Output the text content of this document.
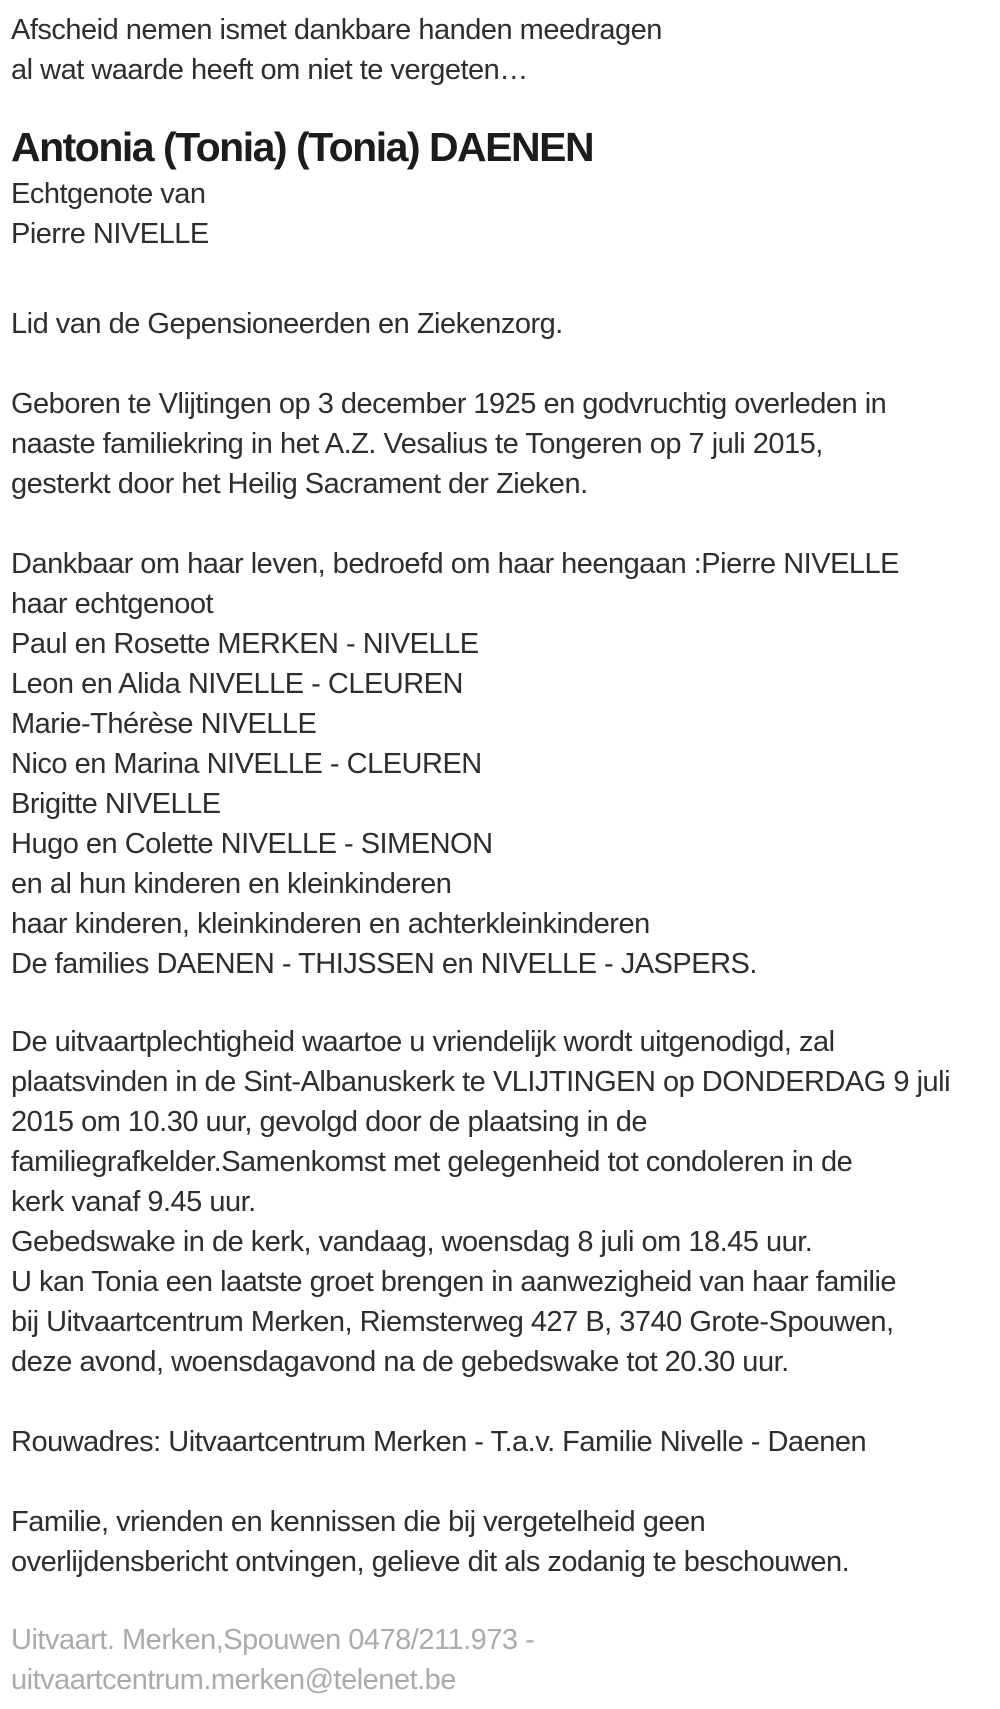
Afscheid nemen ismet dankbare handen meedragen
al wat waarde heeft om niet te vergeten…
Antonia (Tonia) (Tonia) DAENEN
Echtgenote van
Pierre NIVELLE
Lid van de Gepensioneerden en Ziekenzorg.
Geboren te Vlijtingen op 3 december 1925 en godvruchtig overleden in
naaste familiekring in het A.Z. Vesalius te Tongeren op 7 juli 2015,
gesterkt door het Heilig Sacrament der Zieken.
Dankbaar om haar leven, bedroefd om haar heengaan :Pierre NIVELLE
haar echtgenoot
Paul en Rosette MERKEN - NIVELLE
Leon en Alida NIVELLE - CLEUREN
Marie-Thérèse NIVELLE
Nico en Marina NIVELLE - CLEUREN
Brigitte NIVELLE
Hugo en Colette NIVELLE - SIMENON
en al hun kinderen en kleinkinderen
haar kinderen, kleinkinderen en achterkleinkinderen
De families DAENEN - THIJSSEN en NIVELLE - JASPERS.
De uitvaartplechtigheid waartoe u vriendelijk wordt uitgenodigd, zal
plaatsvinden in de Sint-Albanuskerk te VLIJTINGEN op DONDERDAG 9 juli
2015 om 10.30 uur, gevolgd door de plaatsing in de
familiegrafkelder.Samenkomst met gelegenheid tot condoleren in de
kerk vanaf 9.45 uur.
Gebedswake in de kerk, vandaag, woensdag 8 juli om 18.45 uur.
U kan Tonia een laatste groet brengen in aanwezigheid van haar familie
bij Uitvaartcentrum Merken, Riemsterweg 427 B, 3740 Grote-Spouwen,
deze avond, woensdagavond na de gebedswake tot 20.30 uur.
Rouwadres: Uitvaartcentrum Merken - T.a.v. Familie Nivelle - Daenen
Familie, vrienden en kennissen die bij vergetelheid geen
overlijdensbericht ontvingen, gelieve dit als zodanig te beschouwen.
Uitvaart. Merken,Spouwen 0478/211.973 -
uitvaartcentrum.merken@telenet.be
